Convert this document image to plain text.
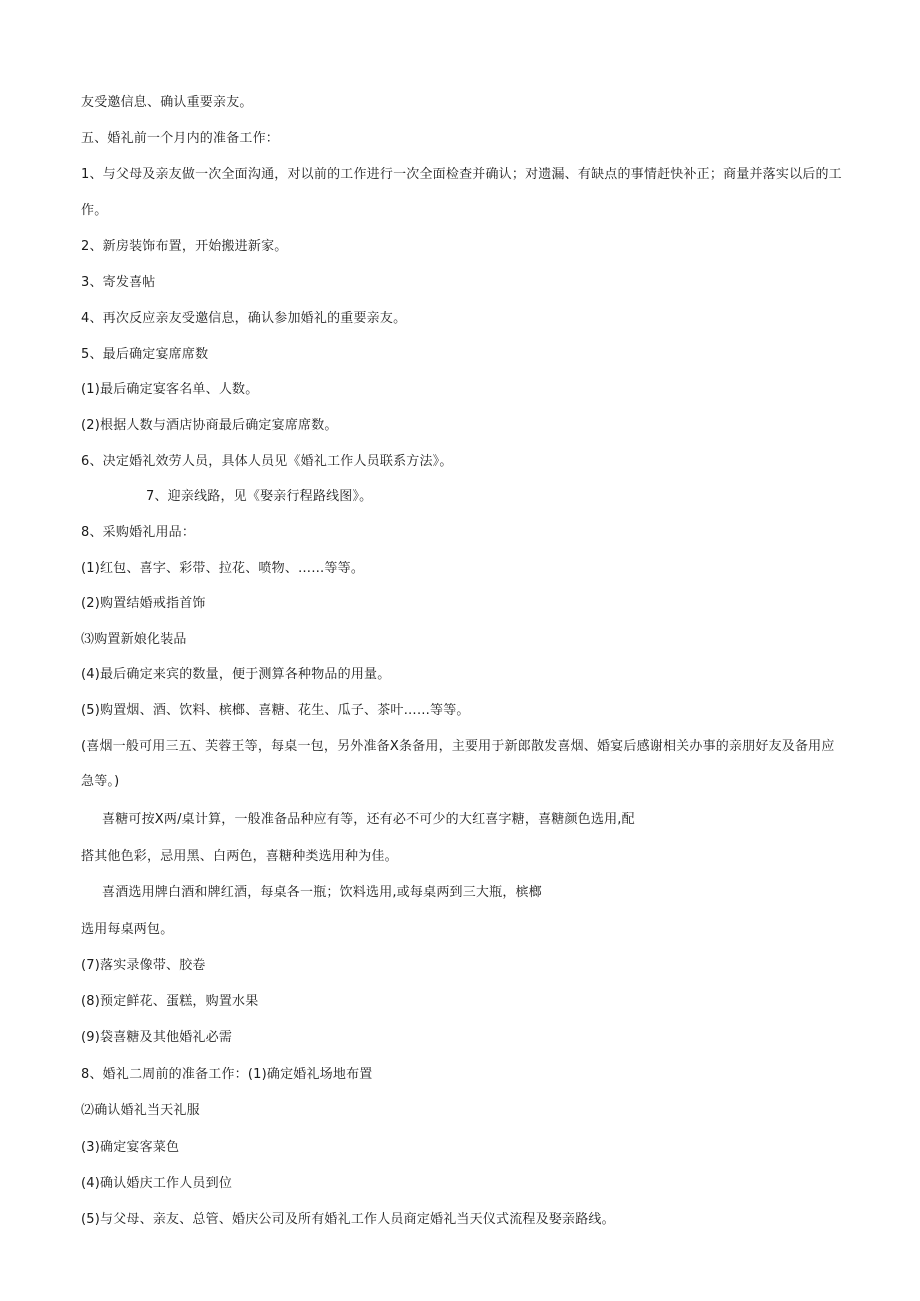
友受邀信息、确认重要亲友。
五、婚礼前一个月内的准备工作：
1、与父母及亲友做一次全面沟通，对以前的工作进行一次全面检查并确认；对遗漏、有缺点的事情赶快补正；商量并落实以后的工
作。
2、新房装饰布置，开始搬进新家。
3、寄发喜帖
4、再次反应亲友受邀信息，确认参加婚礼的重要亲友。
5、最后确定宴席席数
(1)最后确定宴客名单、人数。
(2)根据人数与酒店协商最后确定宴席席数。
6、决定婚礼效劳人员，具体人员见《婚礼工作人员联系方法》。
7、迎亲线路，见《娶亲行程路线图》。
8、采购婚礼用品：
(1)红包、喜字、彩带、拉花、喷物、……等等。
(2)购置结婚戒指首饰
⑶购置新娘化装品
(4)最后确定来宾的数量，便于测算各种物品的用量。
(5)购置烟、酒、饮料、槟榔、喜糖、花生、瓜子、茶叶……等等。
(喜烟一般可用三五、芙蓉王等，每桌一包，另外准备X条备用，主要用于新郎散发喜烟、婚宴后感谢相关办事的亲朋好友及备用应
急等。)
喜糖可按X两/桌计算，一般准备品种应有等，还有必不可少的大红喜字糖，喜糖颜色选用,配
搭其他色彩，忌用黑、白两色，喜糖种类选用种为佳。
喜酒选用牌白酒和牌红酒，每桌各一瓶；饮料选用,或每桌两到三大瓶，槟榔
选用每桌两包。
(7)落实录像带、胶卷
(8)预定鲜花、蛋糕，购置水果
(9)袋喜糖及其他婚礼必需
8、婚礼二周前的准备工作：(1)确定婚礼场地布置
⑵确认婚礼当天礼服
(3)确定宴客菜色
(4)确认婚庆工作人员到位
(5)与父母、亲友、总管、婚庆公司及所有婚礼工作人员商定婚礼当天仪式流程及娶亲路线。
